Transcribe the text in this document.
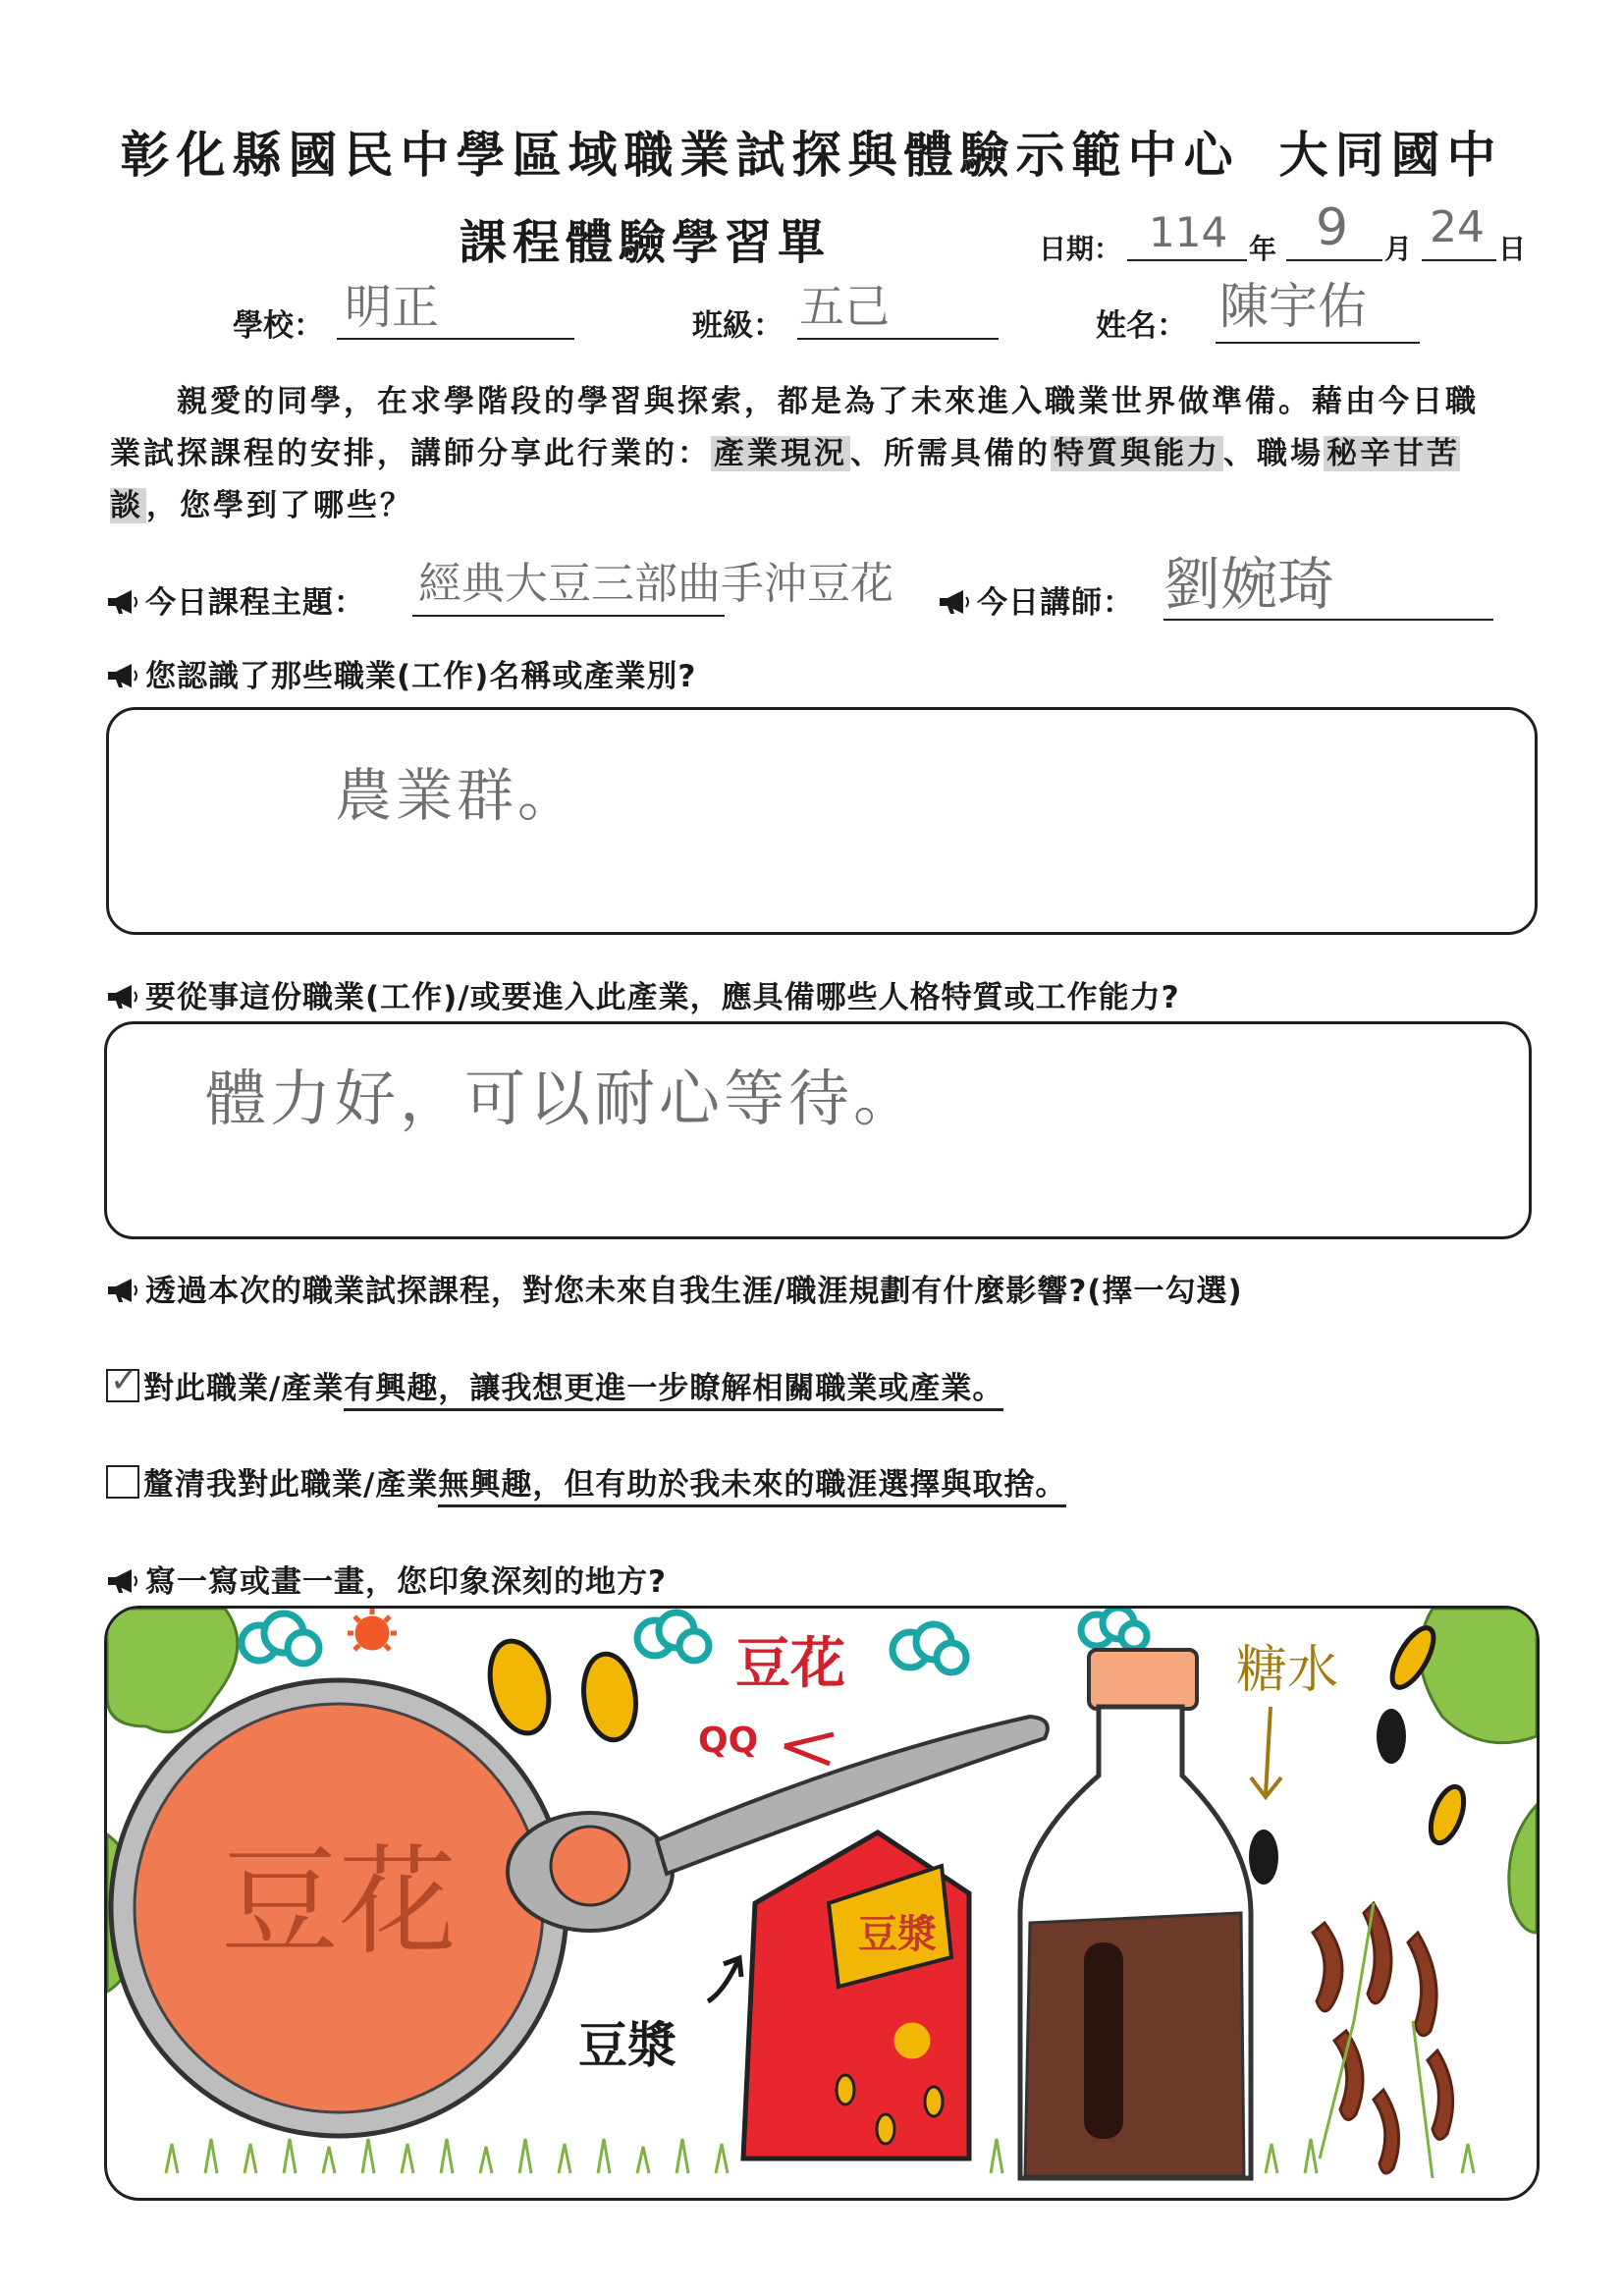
彰化縣國民中學區域職業試探與體驗示範中心 大同國中
課程體驗學習單	日期： 114 年 9 月 24 日
學校： 明正	班級： 五己	姓名： 陳宇佑
親愛的同學，在求學階段的學習與探索，都是為了未來進入職業世界做準備。藉由今日職業試探課程的安排，講師分享此行業的：產業現況、所需具備的特質與能力、職場秘辛甘苦談，您學到了哪些？
今日課程主題： 經典大豆三部曲手沖豆花	今日講師： 劉婉琦
您認識了那些職業(工作)名稱或產業別?
農業群。
要從事這份職業(工作)/或要進入此產業，應具備哪些人格特質或工作能力?
體力好，可以耐心等待。
透過本次的職業試探課程，對您未來自我生涯/職涯規劃有什麼影響?(擇一勾選)
✓ 對此職業/產業有興趣，讓我想更進一步瞭解相關職業或產業。
釐清我對此職業/產業無興趣，但有助於我未來的職涯選擇與取捨。
寫一寫或畫一畫，您印象深刻的地方?
豆花
豆花
QQ
豆漿
豆漿
糖水
